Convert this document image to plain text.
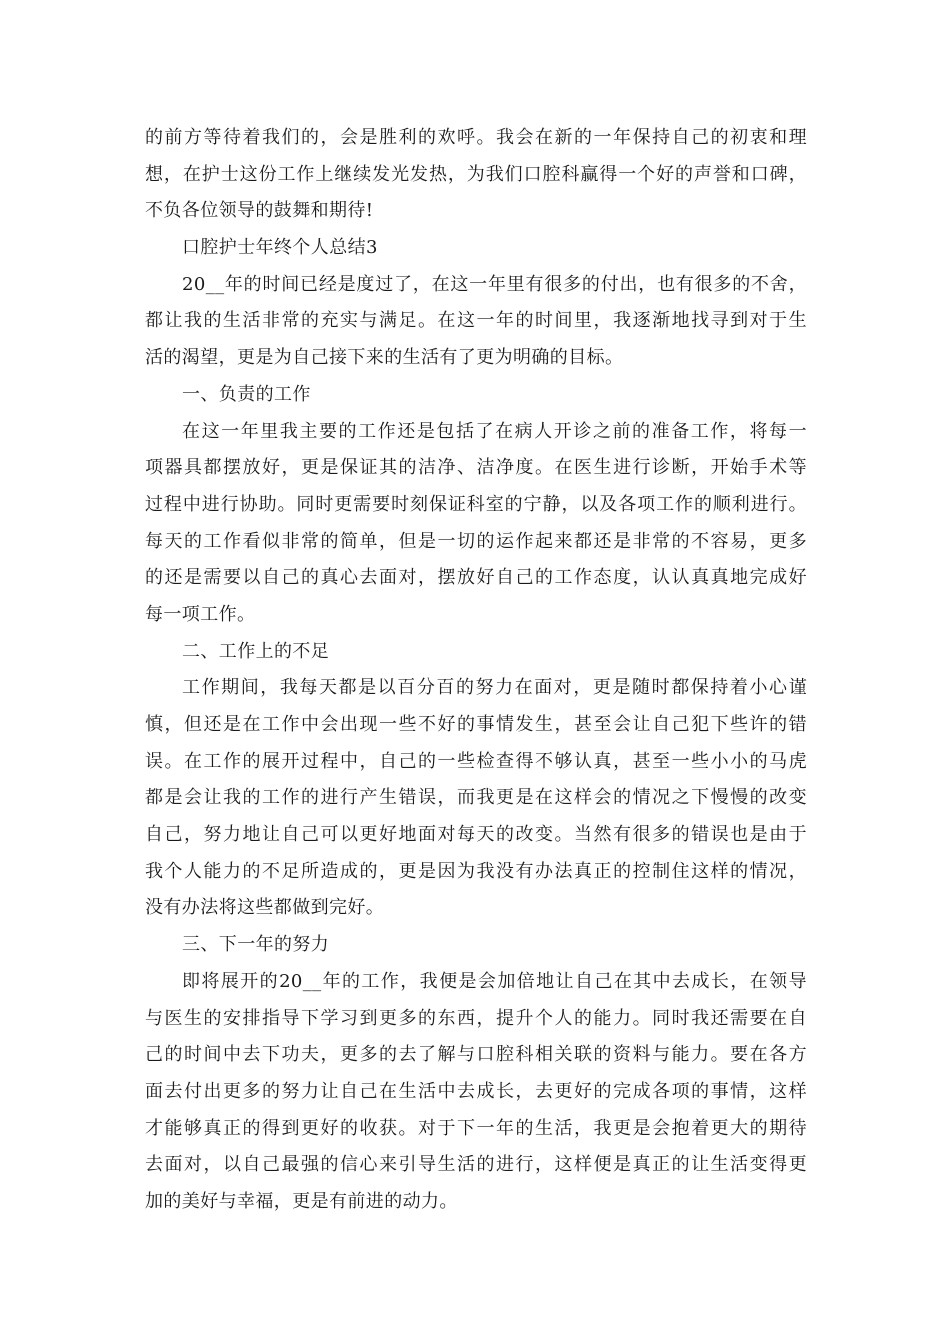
的前方等待着我们的，会是胜利的欢呼。我会在新的一年保持自己的初衷和理
想，在护士这份工作上继续发光发热，为我们口腔科赢得一个好的声誉和口碑，
不负各位领导的鼓舞和期待!
口腔护士年终个人总结3
20__年的时间已经是度过了，在这一年里有很多的付出，也有很多的不舍，
都让我的生活非常的充实与满足。在这一年的时间里，我逐渐地找寻到对于生
活的渴望，更是为自己接下来的生活有了更为明确的目标。
一、负责的工作
在这一年里我主要的工作还是包括了在病人开诊之前的准备工作，将每一
项器具都摆放好，更是保证其的洁净、洁净度。在医生进行诊断，开始手术等
过程中进行协助。同时更需要时刻保证科室的宁静，以及各项工作的顺利进行。
每天的工作看似非常的简单，但是一切的运作起来都还是非常的不容易，更多
的还是需要以自己的真心去面对，摆放好自己的工作态度，认认真真地完成好
每一项工作。
二、工作上的不足
工作期间，我每天都是以百分百的努力在面对，更是随时都保持着小心谨
慎，但还是在工作中会出现一些不好的事情发生，甚至会让自己犯下些许的错
误。在工作的展开过程中，自己的一些检查得不够认真，甚至一些小小的马虎
都是会让我的工作的进行产生错误，而我更是在这样会的情况之下慢慢的改变
自己，努力地让自己可以更好地面对每天的改变。当然有很多的错误也是由于
我个人能力的不足所造成的，更是因为我没有办法真正的控制住这样的情况，
没有办法将这些都做到完好。
三、下一年的努力
即将展开的20__年的工作，我便是会加倍地让自己在其中去成长，在领导
与医生的安排指导下学习到更多的东西，提升个人的能力。同时我还需要在自
己的时间中去下功夫，更多的去了解与口腔科相关联的资料与能力。要在各方
面去付出更多的努力让自己在生活中去成长，去更好的完成各项的事情，这样
才能够真正的得到更好的收获。对于下一年的生活，我更是会抱着更大的期待
去面对，以自己最强的信心来引导生活的进行，这样便是真正的让生活变得更
加的美好与幸福，更是有前进的动力。
